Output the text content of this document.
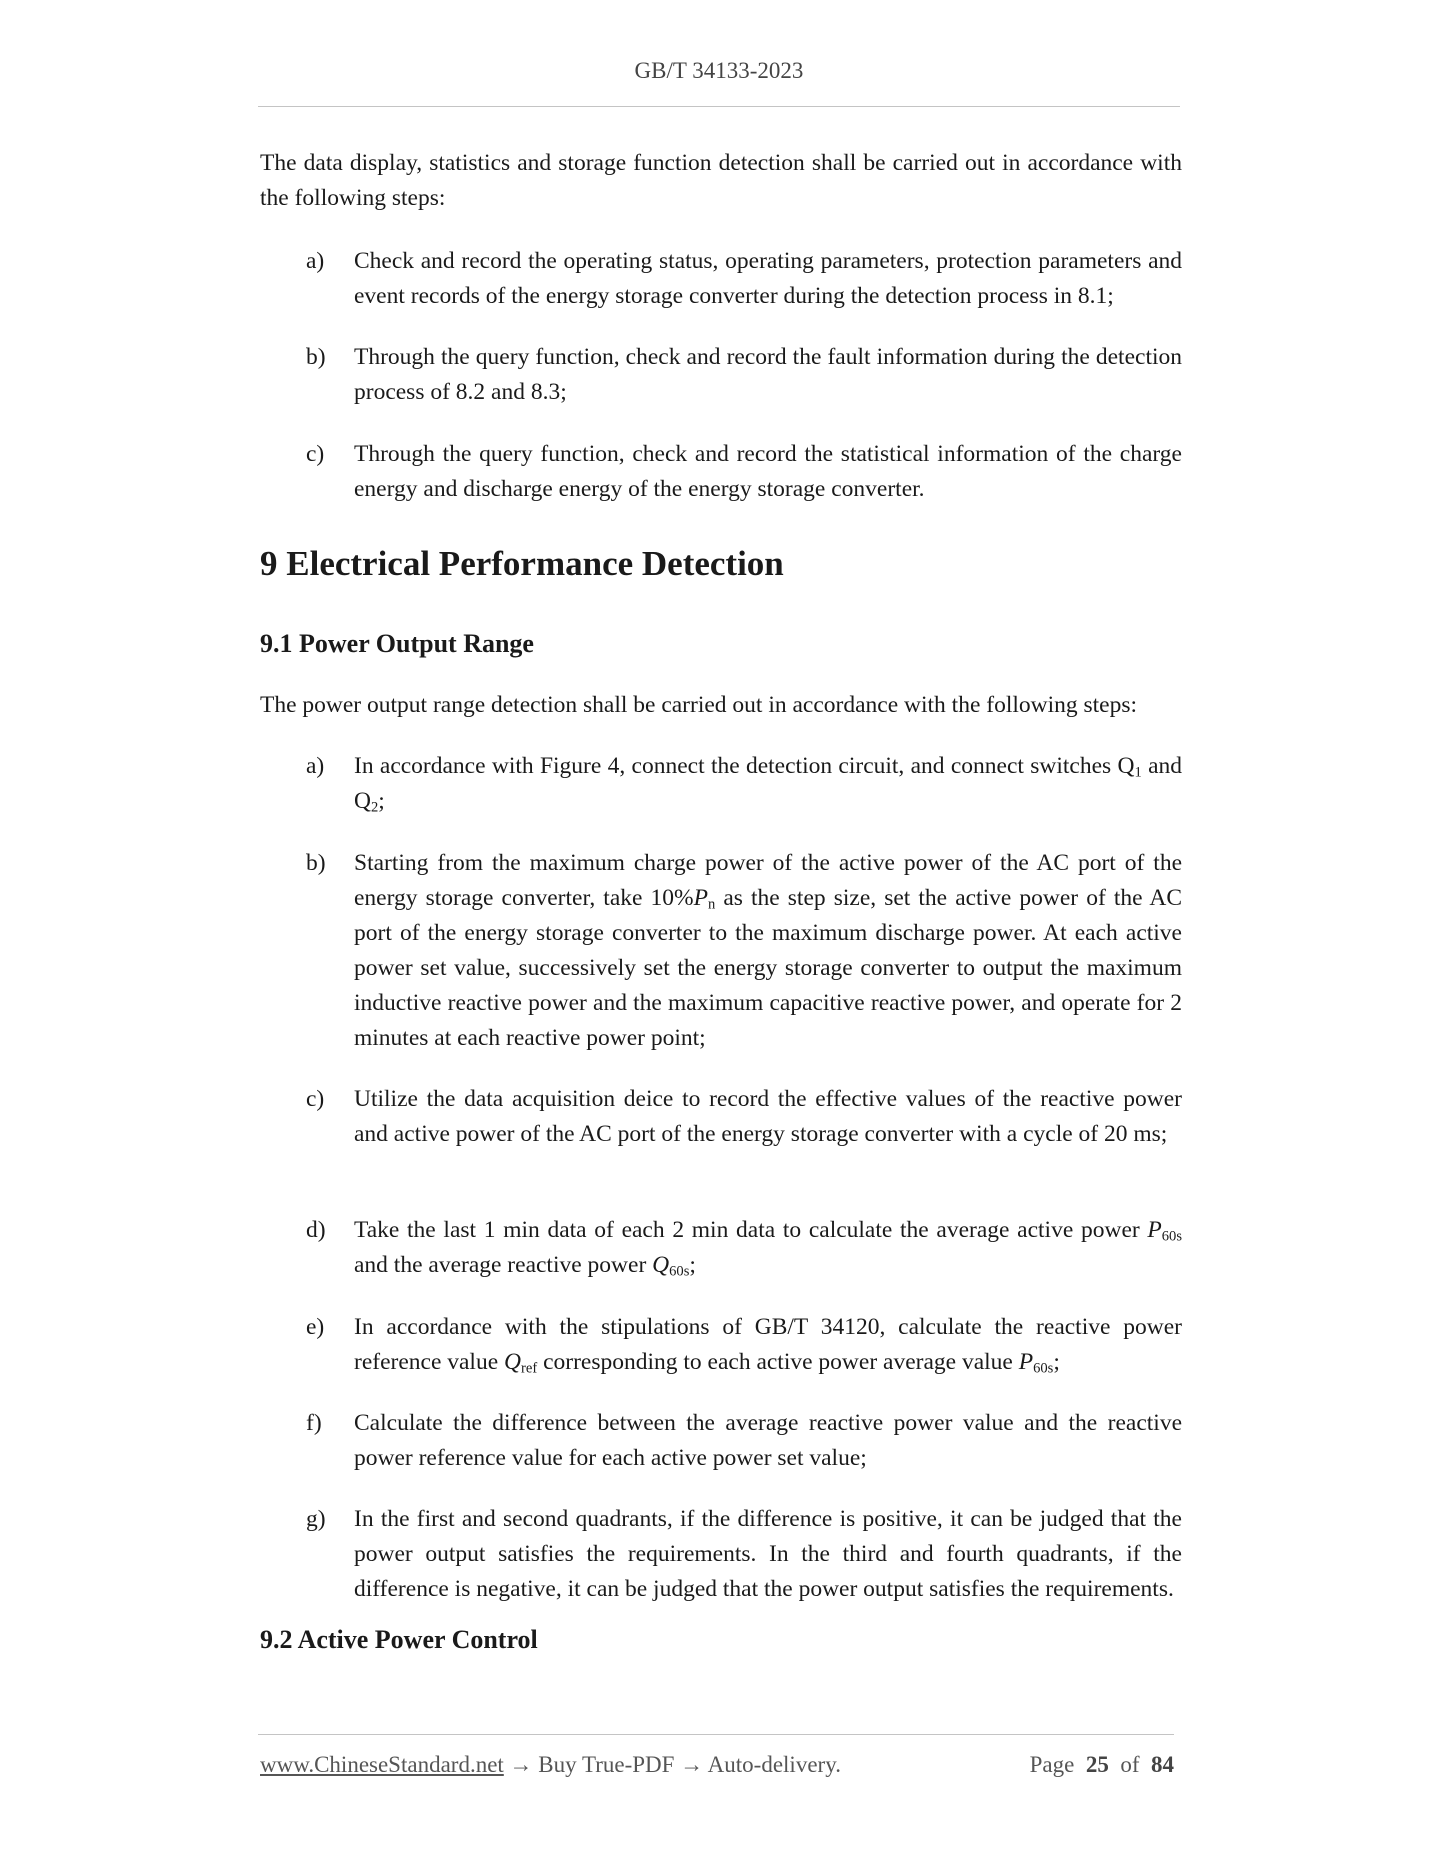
GB/T 34133-2023
The data display, statistics and storage function detection shall be carried out in accordance with the following steps:
a)	Check and record the operating status, operating parameters, protection parameters and event records of the energy storage converter during the detection process in 8.1;
b)	Through the query function, check and record the fault information during the detection process of 8.2 and 8.3;
c)	Through the query function, check and record the statistical information of the charge energy and discharge energy of the energy storage converter.
9 Electrical Performance Detection
9.1 Power Output Range
The power output range detection shall be carried out in accordance with the following steps:
a)	In accordance with Figure 4, connect the detection circuit, and connect switches $Q_1$ and $Q_2$;
b)	Starting from the maximum charge power of the active power of the AC port of the energy storage converter, take $10\%P_n$ as the step size, set the active power of the AC port of the energy storage converter to the maximum discharge power. At each active power set value, successively set the energy storage converter to output the maximum inductive reactive power and the maximum capacitive reactive power, and operate for 2 minutes at each reactive power point;
c)	Utilize the data acquisition deice to record the effective values of the reactive power and active power of the AC port of the energy storage converter with a cycle of 20 ms;
d)	Take the last 1 min data of each 2 min data to calculate the average active power $P_{60s}$ and the average reactive power $Q_{60s}$;
e)	In accordance with the stipulations of GB/T 34120, calculate the reactive power reference value $Q_{ref}$ corresponding to each active power average value $P_{60s}$;
f)	Calculate the difference between the average reactive power value and the reactive power reference value for each active power set value;
g)	In the first and second quadrants, if the difference is positive, it can be judged that the power output satisfies the requirements. In the third and fourth quadrants, if the difference is negative, it can be judged that the power output satisfies the requirements.
9.2 Active Power Control
www.ChineseStandard.net → Buy True-PDF → Auto-delivery.	Page 25 of 84
